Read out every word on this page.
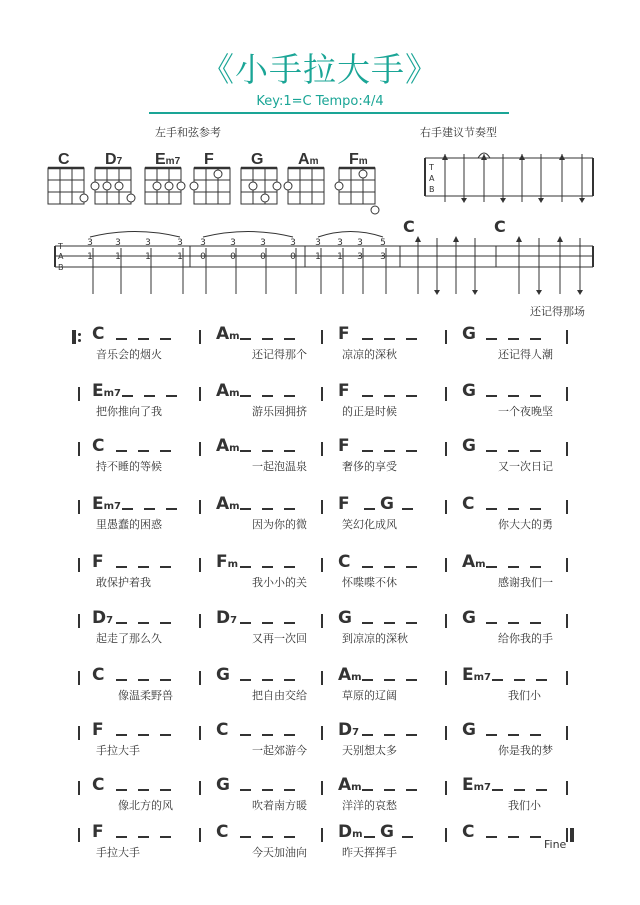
《小手拉大手》
Key:1=C Tempo:4/4
左手和弦参考	右手建议节奏型
C D7 Em7 F G Am Fm
T
A
B
T
A
B
3 3	3	3 3	3	3	3 3 3 3 5
1 1	1	1 0	0	0	0 1 1 3 3
C	C
还记得那场
C
音乐会的烟火
Am
还记得那个
F
凉凉的深秋
G
还记得人潮
Em7
把你推向了我
Am
游乐园拥挤
F
的正是时候
G
一个夜晚坚
C
持不睡的等候
Am
一起泡温泉
F
奢侈的享受
G
又一次日记
Em7
里愚蠢的困惑
Am
因为你的微
F G
笑幻化成风
C
你大大的勇
F
敢保护着我
Fm
我小小的关
C
怀喋喋不休
Am
感谢我们一
D7
起走了那么久
D7
又再一次回
G
到凉凉的深秋
G
给你我的手
C
像温柔野兽
G
把自由交给
Am
草原的辽阔
Em7
我们小
F
手拉大手
C
一起郊游今
D7
天别想太多
G
你是我的梦
C
像北方的风
G
吹着南方暖
Am
洋洋的哀愁
Em7
我们小
F
手拉大手
C
今天加油向
Dm G
昨天挥挥手
C
Fine
